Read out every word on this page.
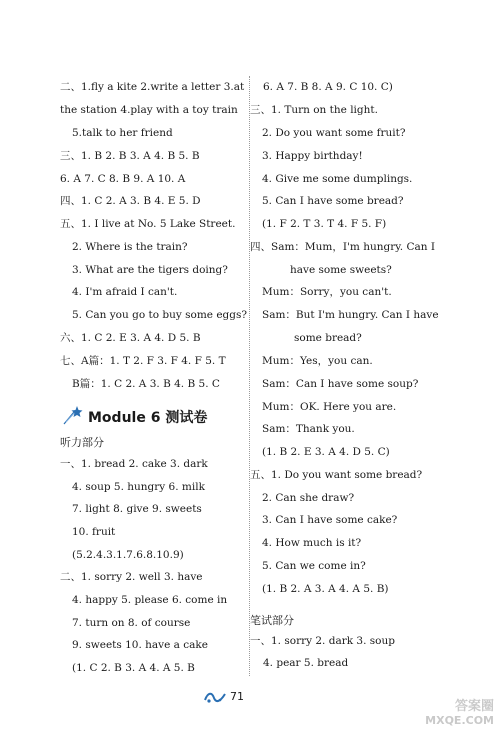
二、1.fly a kite 2.write a letter 3.at
the station 4.play with a toy train
5.talk to her friend
三、1. B 2. B 3. A 4. B 5. B
6. A 7. C 8. B 9. A 10. A
四、1. C 2. A 3. B 4. E 5. D
五、1. I live at No. 5 Lake Street.
2. Where is the train?
3. What are the tigers doing?
4. I'm afraid I can't.
5. Can you go to buy some eggs?
六、1. C 2. E 3. A 4. D 5. B
七、A篇：1. T 2. F 3. F 4. F 5. T
B篇：1. C 2. A 3. B 4. B 5. C
Module 6 测试卷
听力部分
一、1. bread 2. cake 3. dark
4. soup 5. hungry 6. milk
7. light 8. give 9. sweets
10. fruit
(5.2.4.3.1.7.6.8.10.9)
二、1. sorry 2. well 3. have
4. happy 5. please 6. come in
7. turn on 8. of course
9. sweets 10. have a cake
(1. C 2. B 3. A 4. A 5. B
6. A 7. B 8. A 9. C 10. C)
三、1. Turn on the light.
2. Do you want some fruit?
3. Happy birthday!
4. Give me some dumplings.
5. Can I have some bread?
(1. F 2. T 3. T 4. F 5. F)
四、Sam：Mum，I'm hungry. Can I
have some sweets?
Mum：Sorry，you can't.
Sam：But I'm hungry. Can I have
some bread?
Mum：Yes，you can.
Sam：Can I have some soup?
Mum：OK. Here you are.
Sam：Thank you.
(1. B 2. E 3. A 4. D 5. C)
五、1. Do you want some bread?
2. Can she draw?
3. Can I have some cake?
4. How much is it?
5. Can we come in?
(1. B 2. A 3. A 4. A 5. B)
笔试部分
一、1. sorry 2. dark 3. soup
4. pear 5. bread
71
答案圈
MXQE.COM
